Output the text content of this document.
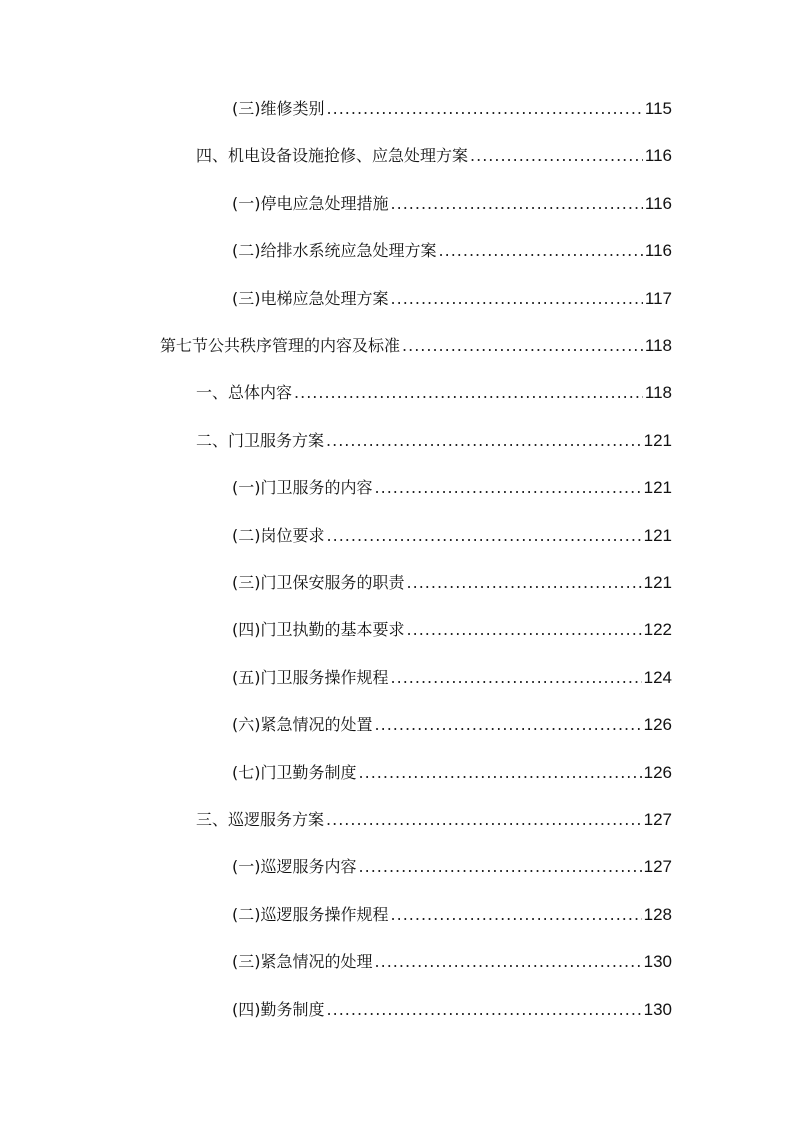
(三) 维修类别 .....	115
四、 机电设备设施抢修、应急处理方案 .....	116
(一) 停电应急处理措施 .....	116
(二) 给排水系统应急处理方案 .....	116
(三) 电梯应急处理方案 .....	117
第七节 公共秩序管理的内容及标准 .....	118
一、 总体内容 .....	118
二、 门卫服务方案 .....	121
(一) 门卫服务的内容 .....	121
(二) 岗位要求 .....	121
(三) 门卫保安服务的职责 .....	121
(四) 门卫执勤的基本要求 .....	122
(五) 门卫服务操作规程 .....	124
(六) 紧急情况的处置 .....	126
(七) 门卫勤务制度 .....	126
三、 巡逻服务方案 .....	127
(一) 巡逻服务内容 .....	127
(二) 巡逻服务操作规程 .....	128
(三) 紧急情况的处理 .....	130
(四) 勤务制度 .....	130
